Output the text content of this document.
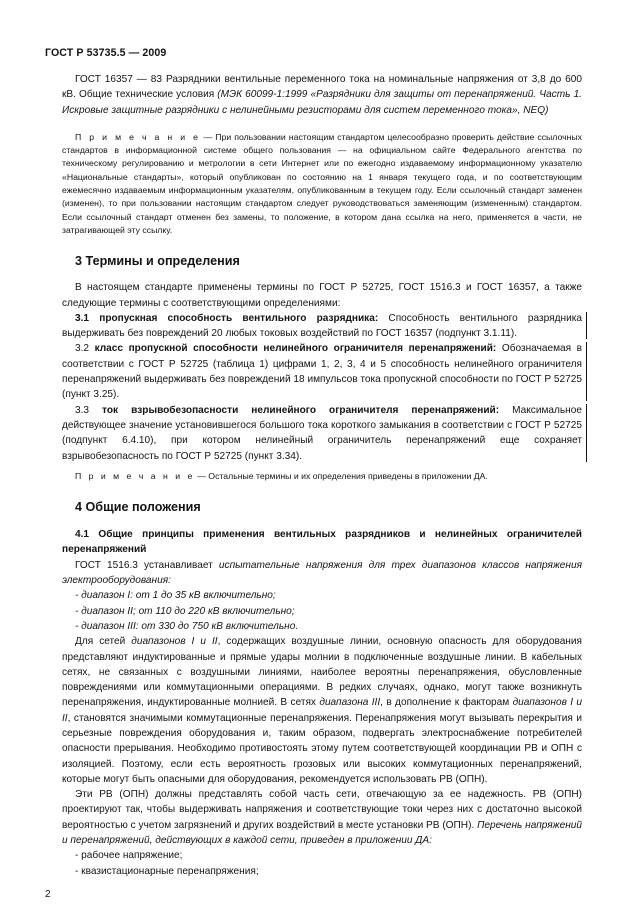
ГОСТ Р 53735.5 — 2009

ГОСТ 16357 — 83 Разрядники вентильные переменного тока на номинальные напряжения от 3,8 до 600 кВ. Общие технические условия (МЭК 60099-1:1999 «Разрядники для защиты от перенапряжений. Часть 1. Искровые защитные разрядники с нелинейными резисторами для систем переменного тока», NEQ)

П р и м е ч а н и е — При пользовании настоящим стандартом целесообразно проверить действие ссылочных стандартов в информационной системе общего пользования — на официальном сайте Федерального агентства по техническому регулированию и метрологии в сети Интернет или по ежегодно издаваемому информационному указателю «Национальные стандарты», который опубликован по состоянию на 1 января текущего года, и по соответствующим ежемесячно издаваемым информационным указателям, опубликованным в текущем году. Если ссылочный стандарт заменен (изменен), то при пользовании настоящим стандартом следует руководствоваться заменяющим (измененным) стандартом. Если ссылочный стандарт отменен без замены, то положение, в котором дана ссылка на него, применяется в части, не затрагивающей эту ссылку.

3 Термины и определения

В настоящем стандарте применены термины по ГОСТ Р 52725, ГОСТ 1516.3 и ГОСТ 16357, а также следующие термины с соответствующими определениями:

3.1 пропускная способность вентильного разрядника: Способность вентильного разрядника выдерживать без повреждений 20 любых токовых воздействий по ГОСТ 16357 (подпункт 3.1.11).

3.2 класс пропускной способности нелинейного ограничителя перенапряжений: Обозначаемая в соответствии с ГОСТ Р 52725 (таблица 1) цифрами 1, 2, 3, 4 и 5 способность нелинейного ограничителя перенапряжений выдерживать без повреждений 18 импульсов тока пропускной способности по ГОСТ Р 52725 (пункт 3.25).

3.3 ток взрывобезопасности нелинейного ограничителя перенапряжений: Максимальное действующее значение установившегося большого тока короткого замыкания в соответствии с ГОСТ Р 52725 (подпункт 6.4.10), при котором нелинейный ограничитель перенапряжений еще сохраняет взрывобезопасность по ГОСТ Р 52725 (пункт 3.34).

П р и м е ч а н и е — Остальные термины и их определения приведены в приложении ДА.

4 Общие положения

4.1 Общие принципы применения вентильных разрядников и нелинейных ограничителей перенапряжений

ГОСТ 1516.3 устанавливает испытательные напряжения для трех диапазонов классов напряжения электрооборудования:

- диапазон I: от 1 до 35 кВ включительно;

- диапазон II; от 110 до 220 кВ включительно;

- диапазон III: от 330 до 750 кВ включительно.

Для сетей диапазонов I и II, содержащих воздушные линии, основную опасность для оборудования представляют индуктированные и прямые удары молнии в подключенные воздушные линии. В кабельных сетях, не связанных с воздушными линиями, наиболее вероятны перенапряжения, обусловленные повреждениями или коммутационными операциями. В редких случаях, однако, могут также возникнуть перенапряжения, индуктированные молнией. В сетях диапазона III, в дополнение к факторам диапазонов I и II, становятся значимыми коммутационные перенапряжения. Перенапряжения могут вызывать перекрытия и серьезные повреждения оборудования и, таким образом, подвергать электроснабжение потребителей опасности прерывания. Необходимо противостоять этому путем соответствующей координации РВ и ОПН с изоляцией. Поэтому, если есть вероятность грозовых или высоких коммутационных перенапряжений, которые могут быть опасными для оборудования, рекомендуется использовать РВ (ОПН).

Эти РВ (ОПН) должны представлять собой часть сети, отвечающую за ее надежность. РВ (ОПН) проектируют так, чтобы выдерживать напряжения и соответствующие токи через них с достаточно высокой вероятностью с учетом загрязнений и других воздействий в месте установки РВ (ОПН). Перечень напряжений и перенапряжений, действующих в каждой сети, приведен в приложении ДА:

- рабочее напряжение;

- квазистационарные перенапряжения;

2
